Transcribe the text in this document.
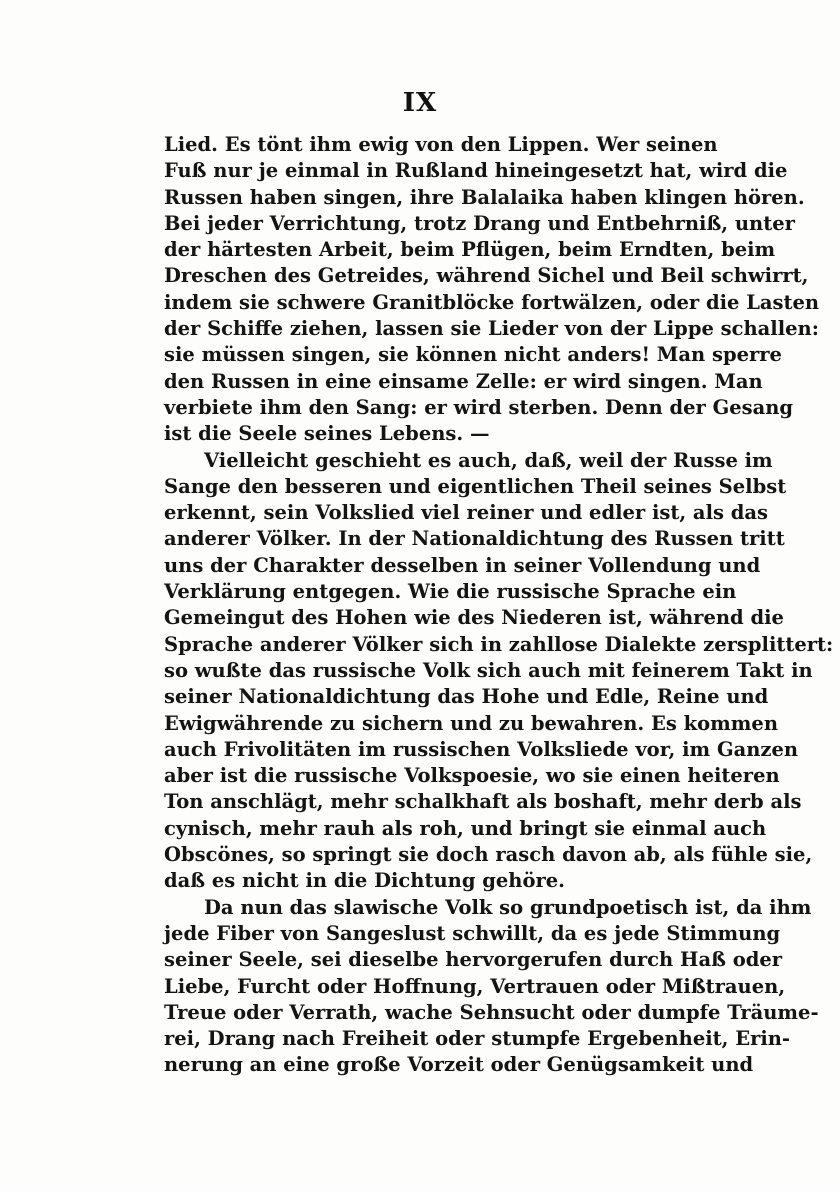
IX
Lied. Es tönt ihm ewig von den Lippen. Wer seinen
Fuß nur je einmal in Rußland hineingesetzt hat, wird die
Russen haben singen, ihre Balalaika haben klingen hören.
Bei jeder Verrichtung, trotz Drang und Entbehrniß, unter
der härtesten Arbeit, beim Pflügen, beim Erndten, beim
Dreschen des Getreides, während Sichel und Beil schwirrt,
indem sie schwere Granitblöcke fortwälzen, oder die Lasten
der Schiffe ziehen, lassen sie Lieder von der Lippe schallen:
sie müssen singen, sie können nicht anders! Man sperre
den Russen in eine einsame Zelle: er wird singen. Man
verbiete ihm den Sang: er wird sterben. Denn der Gesang
ist die Seele seines Lebens. —
Vielleicht geschieht es auch, daß, weil der Russe im
Sange den besseren und eigentlichen Theil seines Selbst
erkennt, sein Volkslied viel reiner und edler ist, als das
anderer Völker. In der Nationaldichtung des Russen tritt
uns der Charakter desselben in seiner Vollendung und
Verklärung entgegen. Wie die russische Sprache ein
Gemeingut des Hohen wie des Niederen ist, während die
Sprache anderer Völker sich in zahllose Dialekte zersplittert:
so wußte das russische Volk sich auch mit feinerem Takt in
seiner Nationaldichtung das Hohe und Edle, Reine und
Ewigwährende zu sichern und zu bewahren. Es kommen
auch Frivolitäten im russischen Volksliede vor, im Ganzen
aber ist die russische Volkspoesie, wo sie einen heiteren
Ton anschlägt, mehr schalkhaft als boshaft, mehr derb als
cynisch, mehr rauh als roh, und bringt sie einmal auch
Obscönes, so springt sie doch rasch davon ab, als fühle sie,
daß es nicht in die Dichtung gehöre.
Da nun das slawische Volk so grundpoetisch ist, da ihm
jede Fiber von Sangeslust schwillt, da es jede Stimmung
seiner Seele, sei dieselbe hervorgerufen durch Haß oder
Liebe, Furcht oder Hoffnung, Vertrauen oder Mißtrauen,
Treue oder Verrath, wache Sehnsucht oder dumpfe Träume-
rei, Drang nach Freiheit oder stumpfe Ergebenheit, Erin-
nerung an eine große Vorzeit oder Genügsamkeit und
